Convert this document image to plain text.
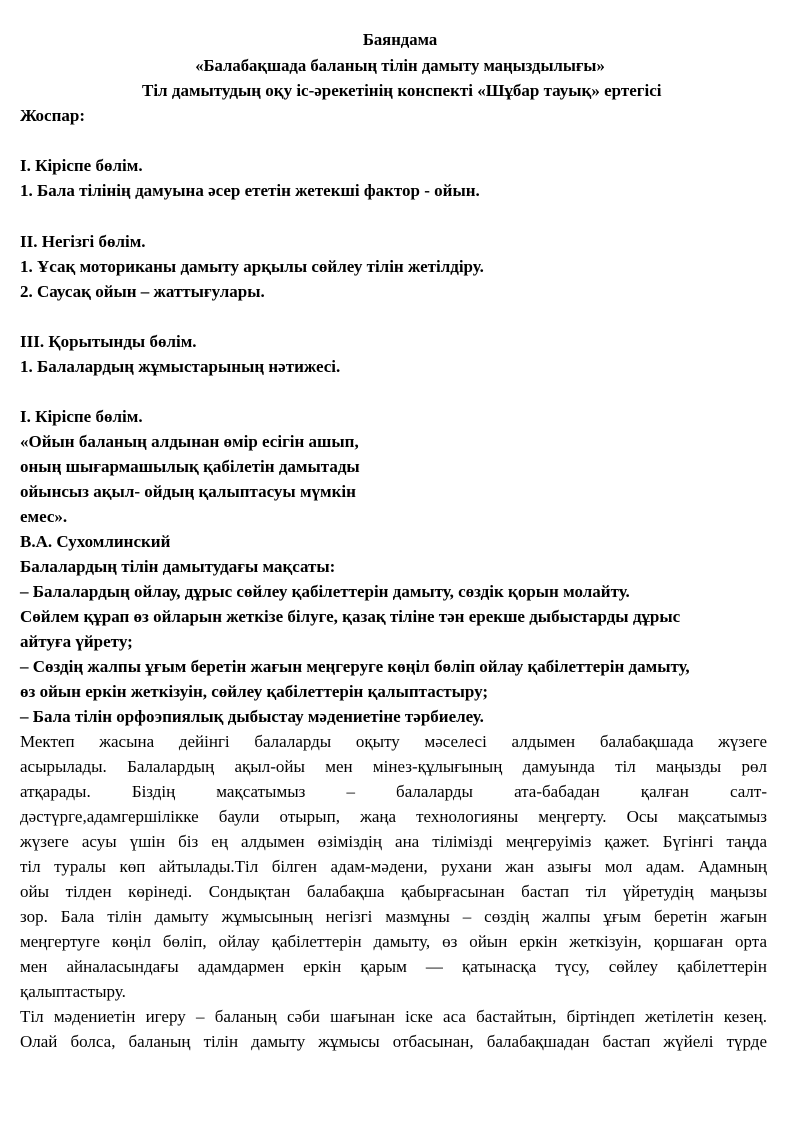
Баяндама
«Балабақшада баланың тілін дамыту маңыздылығы»
Тіл дамытудың оқу іс-әрекетінің конспекті «Шұбар тауық» ертегісі
Жоспар:
I. Кіріспе бөлім.
1. Бала тілінің дамуына әсер ететін жетекші фактор - ойын.
II. Негізгі бөлім.
1. Ұсақ моториканы дамыту арқылы сөйлеу тілін жетілдіру.
2. Саусақ ойын – жаттығулары.
III. Қорытынды бөлім.
1. Балалардың жұмыстарының нәтижесі.
I. Кіріспе бөлім.
«Ойын баланың алдынан өмір есігін ашып,
оның шығармашылық қабілетін дамытады
ойынсыз ақыл- ойдың қалыптасуы мүмкін
емес».
В.А. Сухомлинский
Балалардың тілін дамытудағы мақсаты:
– Балалардың ойлау, дұрыс сөйлеу қабілеттерін дамыту, сөздік қорын молайту.
Сөйлем құрап өз ойларын жеткізе білуге, қазақ тіліне тән ерекше дыбыстарды дұрыс
айтуға үйрету;
– Сөздің жалпы ұғым беретін жағын меңгеруге көңіл бөліп ойлау қабілеттерін дамыту,
өз ойын еркін жеткізуін, сөйлеу қабілеттерін қалыптастыру;
– Бала тілін орфоэпиялық дыбыстау мәдениетіне тәрбиелеу.
Мектеп жасына дейінгі балаларды оқыту мәселесі алдымен балабақшада жүзеге
асырылады. Балалардың ақыл-ойы мен мінез-құлығының дамуында тіл маңызды рөл
атқарады. Біздің мақсатымыз – балаларды ата-бабадан қалған салт-
дәстүрге,адамгершілікке баули отырып, жаңа технологияны меңгерту. Осы мақсатымыз
жүзеге асуы үшін біз ең алдымен өзіміздің ана тілімізді меңгеруіміз қажет. Бүгінгі таңда
тіл туралы көп айтылады.Тіл білген адам-мәдени, рухани жан азығы мол адам. Адамның
ойы тілден көрінеді. Сондықтан балабақша қабырғасынан бастап тіл үйретудің маңызы
зор. Бала тілін дамыту жұмысының негізгі мазмұны – сөздің жалпы ұғым беретін жағын
меңгертуге көңіл бөліп, ойлау қабілеттерін дамыту, өз ойын еркін жеткізуін, қоршаған орта
мен айналасындағы адамдармен еркін қарым — қатынасқа түсу, сөйлеу қабілеттерін
қалыптастыру.
Тіл мәдениетін игеру – баланың сәби шағынан іске аса бастайтын, біртіндеп жетілетін кезең.
Олай болса, баланың тілін дамыту жұмысы отбасынан, балабақшадан бастап жүйелі түрде
